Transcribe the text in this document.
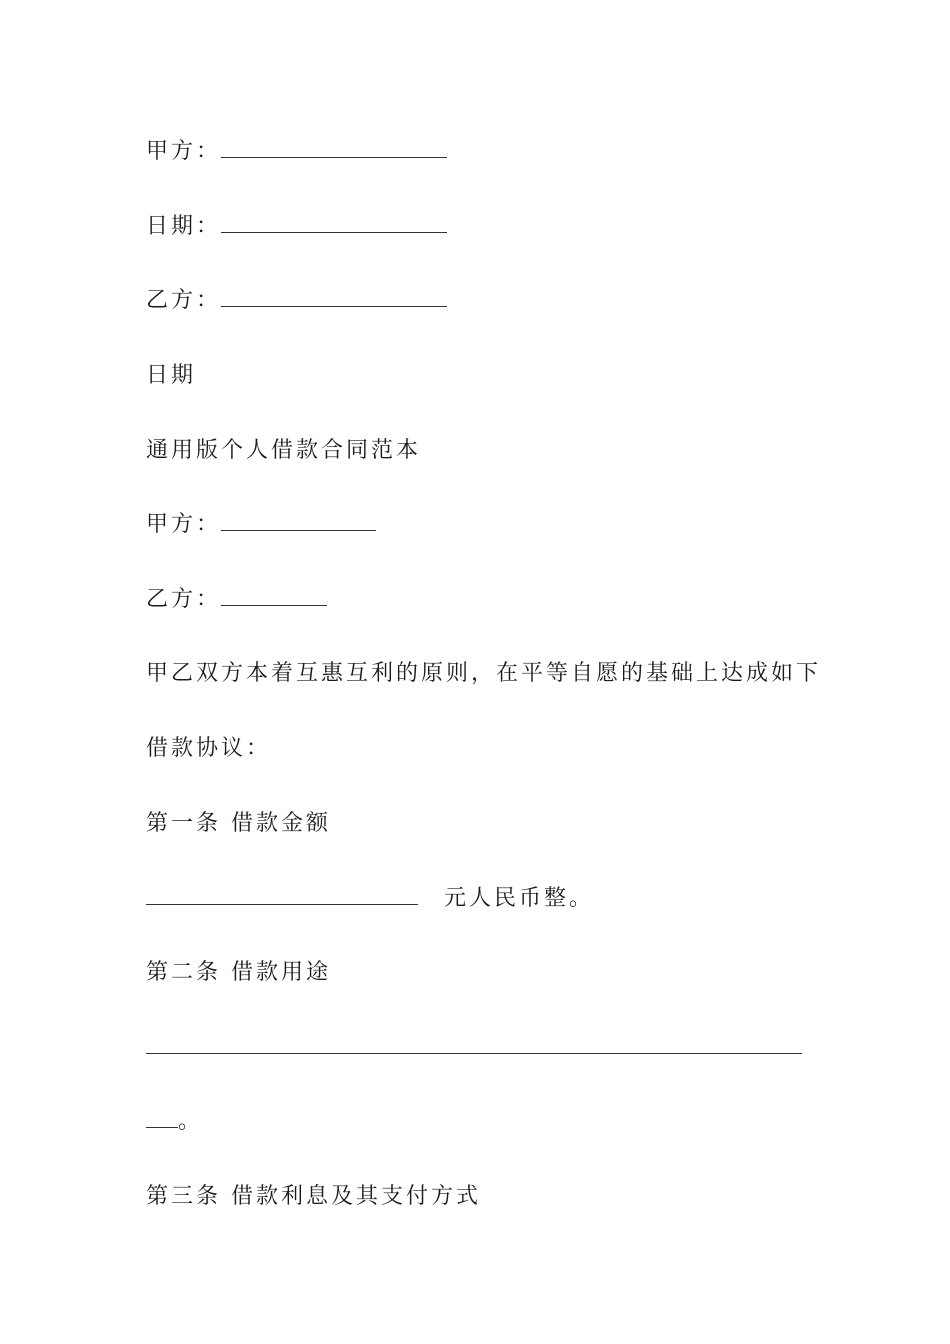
甲方：
日期：
乙方：
日期
通用版个人借款合同范本
甲方：
乙方：
甲乙双方本着互惠互利的原则，在平等自愿的基础上达成如下
借款协议：
第一条 借款金额
元人民币整。
第二条 借款用途
。
第三条 借款利息及其支付方式
